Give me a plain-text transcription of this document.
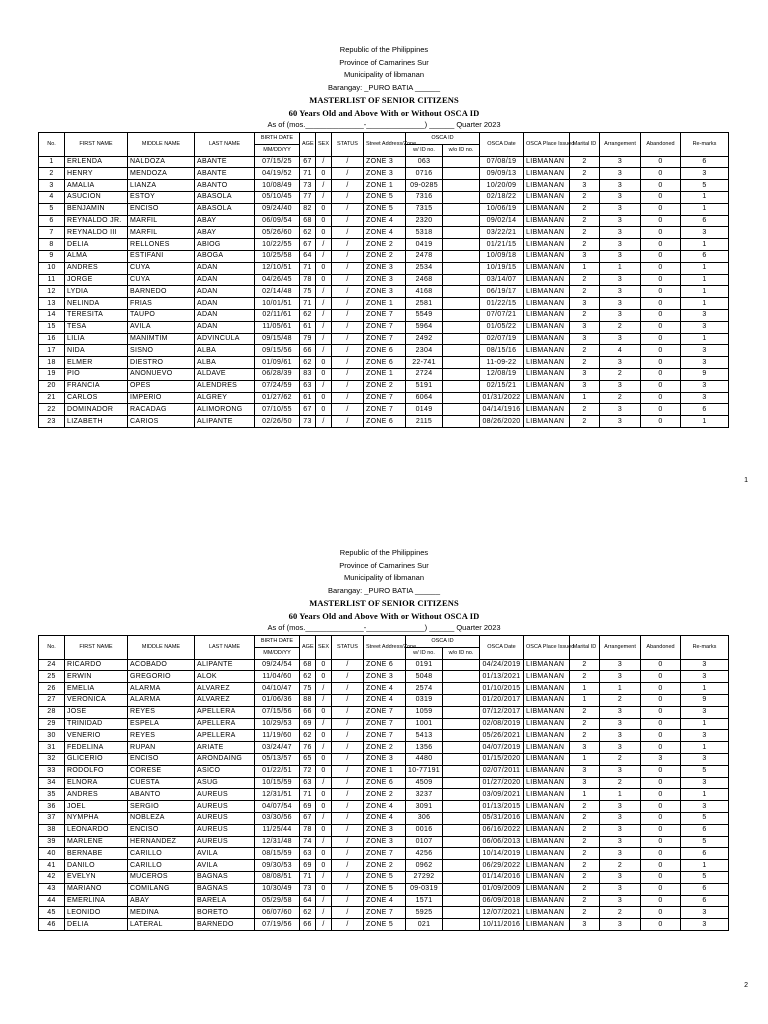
Republic of the Philippines
Province of Camarines Sur
Municipality of libmanan
Barangay: _PURO BATIA ______
MASTERLIST OF SENIOR CITIZENS
60 Years Old and Above With or Without OSCA ID
As of (mos.______________-______________) ______ Quarter 2023
No.	FIRST NAME	MIDDLE NAME	LAST NAME	BIRTH DATE	AGE	SEX	STATUS	Street Address/Zone	OSCA ID		OSCA Date	OSCA Place Issued	Marital ID	Arrangement	Abandoned	Re-marks
				MM/DD/YY					w/ ID no.	w/o ID no.						
1	ERLENDA	NALDOZA	ABANTE	07/15/25	67	/	/	ZONE 3	063		07/08/19	LIBMANAN	2	3	0	6
2	HENRY	MENDOZA	ABANTE	04/19/52	71	0	/	ZONE 3	0716		09/09/13	LIBMANAN	2	3	0	3
3	AMALIA	LIANZA	ABANTO	10/08/49	73	/	/	ZONE 1	09-0285		10/20/09	LIBMANAN	3	3	0	5
4	ASUCION	ESTOY	ABASOLA	05/10/45	77	/	/	ZONE 5	7316		02/18/22	LIBMANAN	2	3	0	1
5	BENJAMIN	ENCISO	ABASOLA	09/24/40	82	0	/	ZONE 5	7315		10/06/19	LIBMANAN	2	3	0	1
6	REYNALDO JR.	MARFIL	ABAY	06/09/54	68	0	/	ZONE 4	2320		09/02/14	LIBMANAN	2	3	0	6
7	REYNALDO III	MARFIL	ABAY	05/26/60	62	0	/	ZONE 4	5318		03/22/21	LIBMANAN	2	3	0	3
8	DELIA	RELLONES	ABIOG	10/22/55	67	/	/	ZONE 2	0419		01/21/15	LIBMANAN	2	3	0	1
9	ALMA	ESTIFANI	ABOGA	10/25/58	64	/	/	ZONE 2	2478		10/09/18	LIBMANAN	3	3	0	6
10	ANDRES	CUYA	ADAN	12/10/51	71	0	/	ZONE 3	2534		10/19/15	LIBMANAN	1	1	0	1
11	JORGE	CUYA	ADAN	04/26/45	78	0	/	ZONE 3	2468		03/14/07	LIBMANAN	2	3	0	1
12	LYDIA	BARNEDO	ADAN	02/14/48	75	/	/	ZONE 3	4168		06/19/17	LIBMANAN	2	3	0	1
13	NELINDA	FRIAS	ADAN	10/01/51	71	/	/	ZONE 1	2581		01/22/15	LIBMANAN	3	3	0	1
14	TERESITA	TAUPO	ADAN	02/11/61	62	/	/	ZONE 7	5549		07/07/21	LIBMANAN	2	3	0	3
15	TESA	AVILA	ADAN	11/05/61	61	/	/	ZONE 7	5964		01/05/22	LIBMANAN	3	2	0	3
16	LILIA	MANIMTIM	ADVINCULA	09/15/48	79	/	/	ZONE 7	2492		02/07/19	LIBMANAN	3	3	0	1
17	NIDA	SISNO	ALBA	09/15/56	66	/	/	ZONE 6	2304		08/15/16	LIBMANAN	2	4	0	3
18	ELMER	DIESTRO	ALBA	01/09/61	62	0	/	ZONE 6	22-741		11-09-22	LIBMANAN	2	3	0	3
19	PIO	ANONUEVO	ALDAVE	06/28/39	83	0	/	ZONE 1	2724		12/08/19	LIBMANAN	3	2	0	9
20	FRANCIA	OPES	ALENDRES	07/24/59	63	/	/	ZONE 2	5191		02/15/21	LIBMANAN	3	3	0	3
21	CARLOS	IMPERIO	ALGREY	01/27/62	61	0	/	ZONE 7	6064		01/31/2022	LIBMANAN	1	2	0	3
22	DOMINADOR	RACADAG	ALIMORONG	07/10/55	67	0	/	ZONE 7	0149		04/14/1916	LIBMANAN	2	3	0	6
23	LIZABETH	CARIOS	ALIPANTE	02/26/50	73	/	/	ZONE 6	2115		08/26/2020	LIBMANAN	2	3	0	1
1
Republic of the Philippines
Province of Camarines Sur
Municipality of libmanan
Barangay: _PURO BATIA ______
MASTERLIST OF SENIOR CITIZENS
60 Years Old and Above With or Without OSCA ID
As of (mos.______________-______________) ______ Quarter 2023
No.	FIRST NAME	MIDDLE NAME	LAST NAME	BIRTH DATE	AGE	SEX	STATUS	Street Address/Zone	OSCA ID		OSCA Date	OSCA Place Issued	Marital ID	Arrangement	Abandoned	Re-marks
				MM/DD/YY					w/ ID no.	w/o ID no.						
24	RICARDO	ACOBADO	ALIPANTE	09/24/54	68	0	/	ZONE 6	0191		04/24/2019	LIBMANAN	2	3	0	3
25	ERWIN	GREGORIO	ALOK	11/04/60	62	0	/	ZONE 3	5048		01/13/2021	LIBMANAN	2	3	0	3
26	EMELIA	ALARMA	ALVAREZ	04/10/47	75	/	/	ZONE 4	2574		01/10/2015	LIBMANAN	1	1	0	1
27	VERONICA	ALARMA	ALVAREZ	01/06/36	88	/	/	ZONE 4	0319		01/20/2017	LIBMANAN	1	2	0	9
28	JOSE	REYES	APELLERA	07/15/56	66	0	/	ZONE 7	1059		07/12/2017	LIBMANAN	2	3	0	3
29	TRINIDAD	ESPELA	APELLERA	10/29/53	69	/	/	ZONE 7	1001		02/08/2019	LIBMANAN	2	3	0	1
30	VENERIO	REYES	APELLERA	11/19/60	62	0	/	ZONE 7	5413		05/26/2021	LIBMANAN	2	3	0	3
31	FEDELINA	RUPAN	ARIATE	03/24/47	76	/	/	ZONE 2	1356		04/07/2019	LIBMANAN	3	3	0	1
32	GLICERIO	ENCISO	ARONDAING	05/13/57	65	0	/	ZONE 3	4480		01/15/2020	LIBMANAN	1	2	3	3
33	RODOLFO	CORESE	ASICO	01/22/51	72	0	/	ZONE 1	10-77191		02/07/2011	LIBMANAN	3	3	0	5
34	ELNORA	CUESTA	ASUG	10/15/59	63	/	/	ZONE 6	4509		01/27/2020	LIBMANAN	3	2	0	3
35	ANDRES	ABANTO	AUREUS	12/31/51	71	0	/	ZONE 2	3237		03/09/2021	LIBMANAN	1	1	0	1
36	JOEL	SERGIO	AUREUS	04/07/54	69	0	/	ZONE 4	3091		01/13/2015	LIBMANAN	2	3	0	3
37	NYMPHA	NOBLEZA	AUREUS	03/30/56	67	/	/	ZONE 4	306		05/31/2016	LIBMANAN	2	3	0	5
38	LEONARDO	ENCISO	AUREUS	11/25/44	78	0	/	ZONE 3	0016		06/16/2022	LIBMANAN	2	3	0	6
39	MARLENE	HERNANDEZ	AUREUS	12/31/48	74	/	/	ZONE 3	0107		06/06/2013	LIBMANAN	2	3	0	5
40	BERNABE	CARILLO	AVILA	08/15/59	63	0	/	ZONE 7	4256		10/14/2019	LIBMANAN	2	3	0	6
41	DANILO	CARILLO	AVILA	09/30/53	69	0	/	ZONE 2	0962		06/29/2022	LIBMANAN	2	2	0	1
42	EVELYN	MUCEROS	BAGNAS	08/08/51	71	/	/	ZONE 5	27292		01/14/2016	LIBMANAN	2	3	0	5
43	MARIANO	COMILANG	BAGNAS	10/30/49	73	0	/	ZONE 5	09-0319		01/09/2009	LIBMANAN	2	3	0	6
44	EMERLINA	ABAY	BARELA	05/29/58	64	/	/	ZONE 4	1571		06/09/2018	LIBMANAN	2	3	0	6
45	LEONIDO	MEDINA	BORETO	06/07/60	62	/	/	ZONE 7	5925		12/07/2021	LIBMANAN	2	2	0	3
46	DELIA	LATERAL	BARNEDO	07/19/56	66	/	/	ZONE 5	021		10/11/2016	LIBMANAN	3	3	0	3
2
